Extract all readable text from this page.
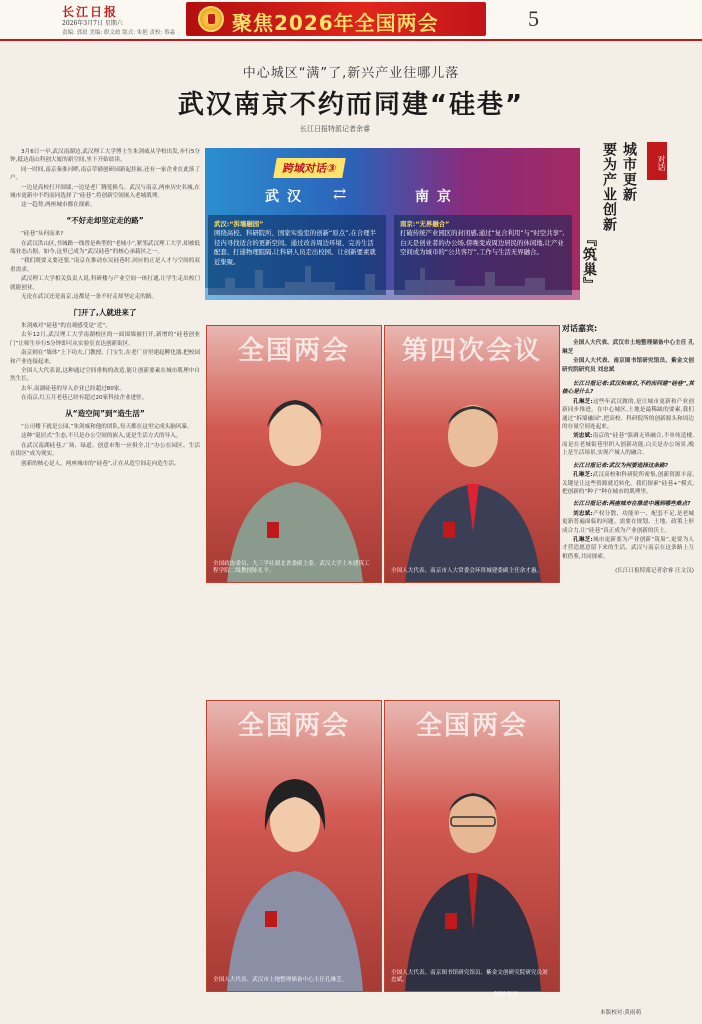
长江日报
2026年3月7日 星期六
责编: 郭晨 美编: 职文政 版式: 朱艳 责校: 蔡淼	聚焦2026年全国两会	5
中心城区“满”了,新兴产业往哪儿落
武汉南京不约而同建“硅巷”
长江日报特派记者余睿

3月6日一早,武汉南湖边,武汉理工大学博士生朱剑威从学校出发,步行5分钟,抵达南山科创大厦的新空间,坐下开始晨读。

同一时间,南京秦淮河畔,南京草铺创研园新起挂匾,还有一家企业在此落了户。

一边是高校打开围墙,一边是老厂腾笼换鸟。武汉与南京,两座历史名城,在城市更新中不约而同选择了“硅巷”,将创新空间嵌入老城肌理。

这一趋势,两座城市都在探索。

“不好走却坚定走的路”

“硅巷”从何而来?

在武汉洪山区,书城路一线曾是典型的“老城小”,紧邻武汉理工大学,却被低端业态占据。如今,这里已成为“武汉硅巷”的核心承载区之一。

“我们既要又要还要,”南京在推动东吴硅巷时,回应的正是人才与空间的双重需求。

武汉理工大学相关负责人说,科研楼与产业空间一体打通,让学生走出校门就能创业。

无论在武汉还是南京,这都是一条不好走却坚定走的路。

门开了,人就进来了

朱剑威对“硅巷”的直观感受是“近”。

去年12月,武汉理工大学南湖校区的一面围墙被打开,新增的“硅巷创业门”让师生步行5分钟即可从实验室直达创新街区。

南京则在“墙体”上下功夫,门教授、门宝生,在老厂房里建起孵化器,把校园和产业连接起来。

全国人大代表说,这种通过空间重构的改造,能让创新要素在城市肌理中自然生长。

去年,南湖硅巷的导入企业已经超过80家。

在南京,红五月老巷已经有超过20家科技企业进驻。

从“造空间”到“造生活”

“公司楼下就是公园,”朱剑威和他的团队,每天都在这里完成头脑风暴。

这种“混居式”生态,不只是办公空间的嵌入,更是生活方式的导入。

在武汉南湖硅巷,广场、绿道、创意市集一应俱全,让“办公在园区、生活在街区”成为现实。

创新的核心是人。两座城市的“硅巷”,正在从造空间走向造生活。

跨域对话③
武汉 ⇄	南京
武汉:“拆墙融园”
围绕高校、科研院所、国家实验室的创新“原点”,在合理半径内寻找适合的更新空间。通过改善周边环境、完善生活配套、打通物理阻隔,让科研人员走出校园、让创新要素就近集聚。
南京:“无界融合”
打破传统产业园区的封闭感,通过“复合利用”与“时空共享”,白天是创业者的办公场,傍晚变成周边居民的休闲地,让产业空间成为城市的“公共客厅”,工作与生活无界融合。
城市更新
要为产业创新
『筑巢』
对话
全国两会
全国政协委员、九三学社湖北省委副主委、武汉大学土木建筑工程学院二级教授陈礼平。
第四次会议
全国人大代表、南京市人大常委会环资城建委副主任余才惠。
全国两会
全国人大代表、武汉市土地整理储备中心主任孔琳芝。
全国两会
全国人大代表、南京图书馆研究馆员、紫金文创研究院研究员刘忠斌。
制图 陈晨
对话嘉宾:

全国人大代表、武汉市土地整理储备中心主任 孔琳芝

全国人大代表、南京图书馆研究馆员、紫金文创研究院研究员 刘忠斌

长江日报记者:武汉和南京,不约而同建“硅巷”,其核心是什么?

孔琳芝:这些年武汉做的,是让城市更新和产业创新同步推进。在中心城区,土地是最稀缺的要素,我们通过“拆墙融园”,把高校、科研院所的创新源头和周边的存量空间连起来。

刘忠斌:南京的“硅巷”强调无界融合,不单纯造楼,而是在老城街巷里织入创新功能,白天是办公场景,晚上是生活场景,实现产城人的融合。

长江日报记者:武汉为何要选择这条路?

孔琳芝:武汉高校和科研院所密集,创新资源丰富,关键是让这些资源就近转化。我们探索“硅巷+”模式,把创新的“种子”种在城市的肌理里。

长江日报记者:两座城市在推进中遇到哪些难点?

刘忠斌:产权分散、功能单一、配套不足,是老城更新普遍面临的问题。需要在规划、土地、政策上形成合力,让“硅巷”真正成为产业创新的沃土。

孔琳芝:城市更新要为产业创新“筑巢”,更要为人才营造愿意留下来的生活。武汉与南京在这条路上互相借鉴,共同探索。

(长江日报特派记者余睿 汪文汉)

本版校对:黄雨萌
